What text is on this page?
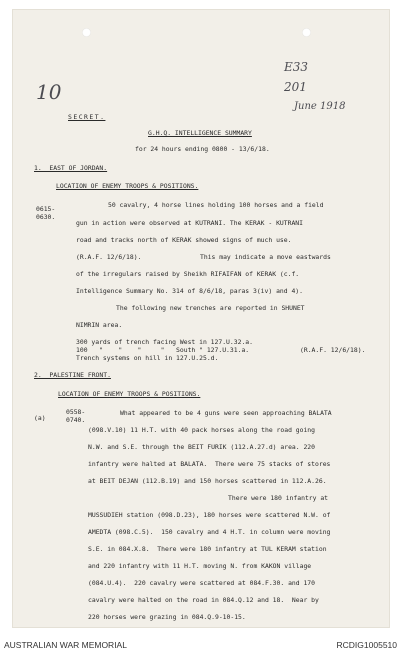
10
E33
201
June 1918
SECRET.
G.H.Q. INTELLIGENCE SUMMARY
for 24 hours ending 0800 - 13/6/18.
1.  EAST OF JORDAN.
LOCATION OF ENEMY TROOPS & POSITIONS.
0615-
0630.
50 cavalry, 4 horse lines holding 100 horses and a field
gun in action were observed at KUTRANI. The KERAK - KUTRANI
road and tracks north of KERAK showed signs of much use.
(R.A.F. 12/6/18).	This may indicate a move eastwards
of the irregulars raised by Sheikh RIFAIFAN of KERAK (c.f.
Intelligence Summary No. 314 of 8/6/18, paras 3(iv) and 4).
The following new trenches are reported in SHUNET
NIMRIN area.
300 yards of trench facing West in 127.U.32.a.
100   "    "    "     "   South " 127.U.31.a.
Trench systems on hill in 127.U.25.d.
(R.A.F. 12/6/18).
2.  PALESTINE FRONT.
LOCATION OF ENEMY TROOPS & POSITIONS.
(a)
0558-
0740.
What appeared to be 4 guns were seen approaching BALATA
(098.V.10) 11 H.T. with 40 pack horses along the road going
N.W. and S.E. through the BEIT FURIK (112.A.27.d) area. 220
infantry were halted at BALATA.  There were 75 stacks of stores
at BEIT DEJAN (112.B.19) and 150 horses scattered in 112.A.26.
There were 180 infantry at
MUSSUDIEH station (098.D.23), 180 horses were scattered N.W. of
AMEDTA (098.C.5).  150 cavalry and 4 H.T. in column were moving
S.E. in 084.X.8.  There were 180 infantry at TUL KERAM station
and 220 infantry with 11 H.T. moving N. from KAKON village
(084.U.4).  220 cavalry were scattered at 084.F.30. and 170
cavalry were halted on the road in 084.Q.12 and 18.  Near by
220 horses were grazing in 084.Q.9-10-15.
AUSTRALIAN WAR MEMORIAL	RCDIG1005510
